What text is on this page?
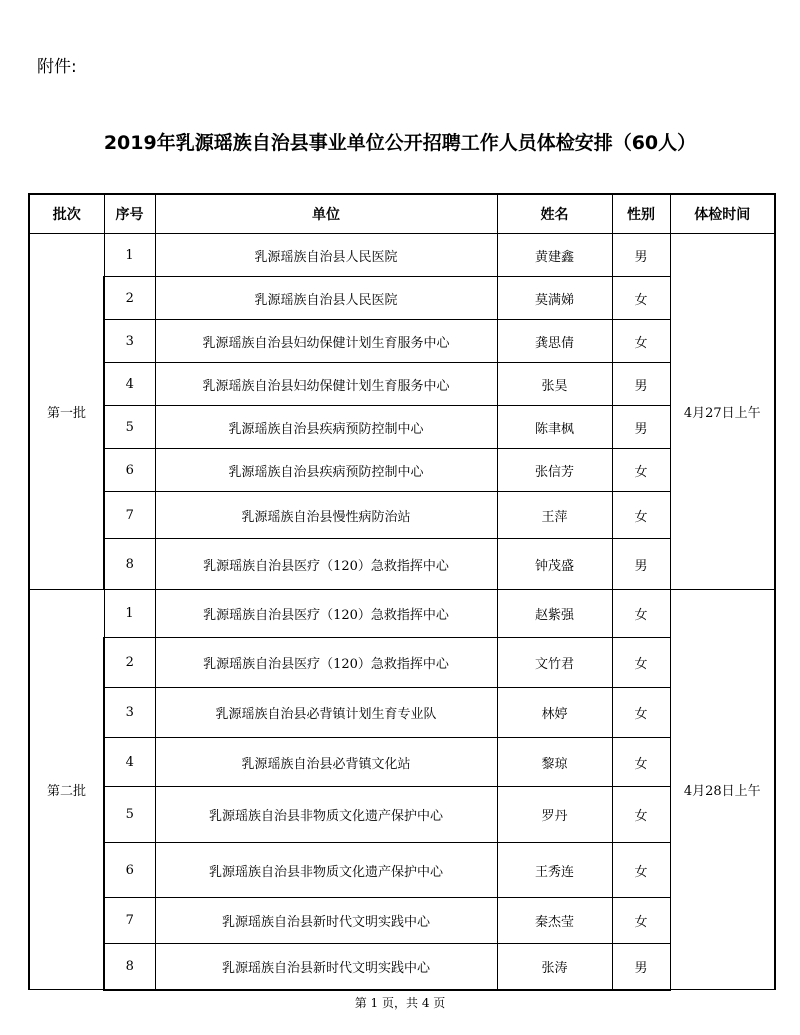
附件:
2019年乳源瑶族自治县事业单位公开招聘工作人员体检安排（60人）
批次	序号	单位	姓名	性别	体检时间
第一批	1	乳源瑶族自治县人民医院	黄建鑫	男	4月27日上午
	2	乳源瑶族自治县人民医院	莫满娣	女	
	3	乳源瑶族自治县妇幼保健计划生育服务中心	龚思倩	女	
	4	乳源瑶族自治县妇幼保健计划生育服务中心	张昊	男	
	5	乳源瑶族自治县疾病预防控制中心	陈聿枫	男	
	6	乳源瑶族自治县疾病预防控制中心	张信芳	女	
	7	乳源瑶族自治县慢性病防治站	王萍	女	
	8	乳源瑶族自治县医疗（120）急救指挥中心	钟茂盛	男	
第二批	1	乳源瑶族自治县医疗（120）急救指挥中心	赵紫强	女	4月28日上午
	2	乳源瑶族自治县医疗（120）急救指挥中心	文竹君	女	
	3	乳源瑶族自治县必背镇计划生育专业队	林婷	女	
	4	乳源瑶族自治县必背镇文化站	黎琼	女	
	5	乳源瑶族自治县非物质文化遗产保护中心	罗丹	女	
	6	乳源瑶族自治县非物质文化遗产保护中心	王秀连	女	
	7	乳源瑶族自治县新时代文明实践中心	秦杰莹	女	
	8	乳源瑶族自治县新时代文明实践中心	张涛	男	
第 1 页，共 4 页
